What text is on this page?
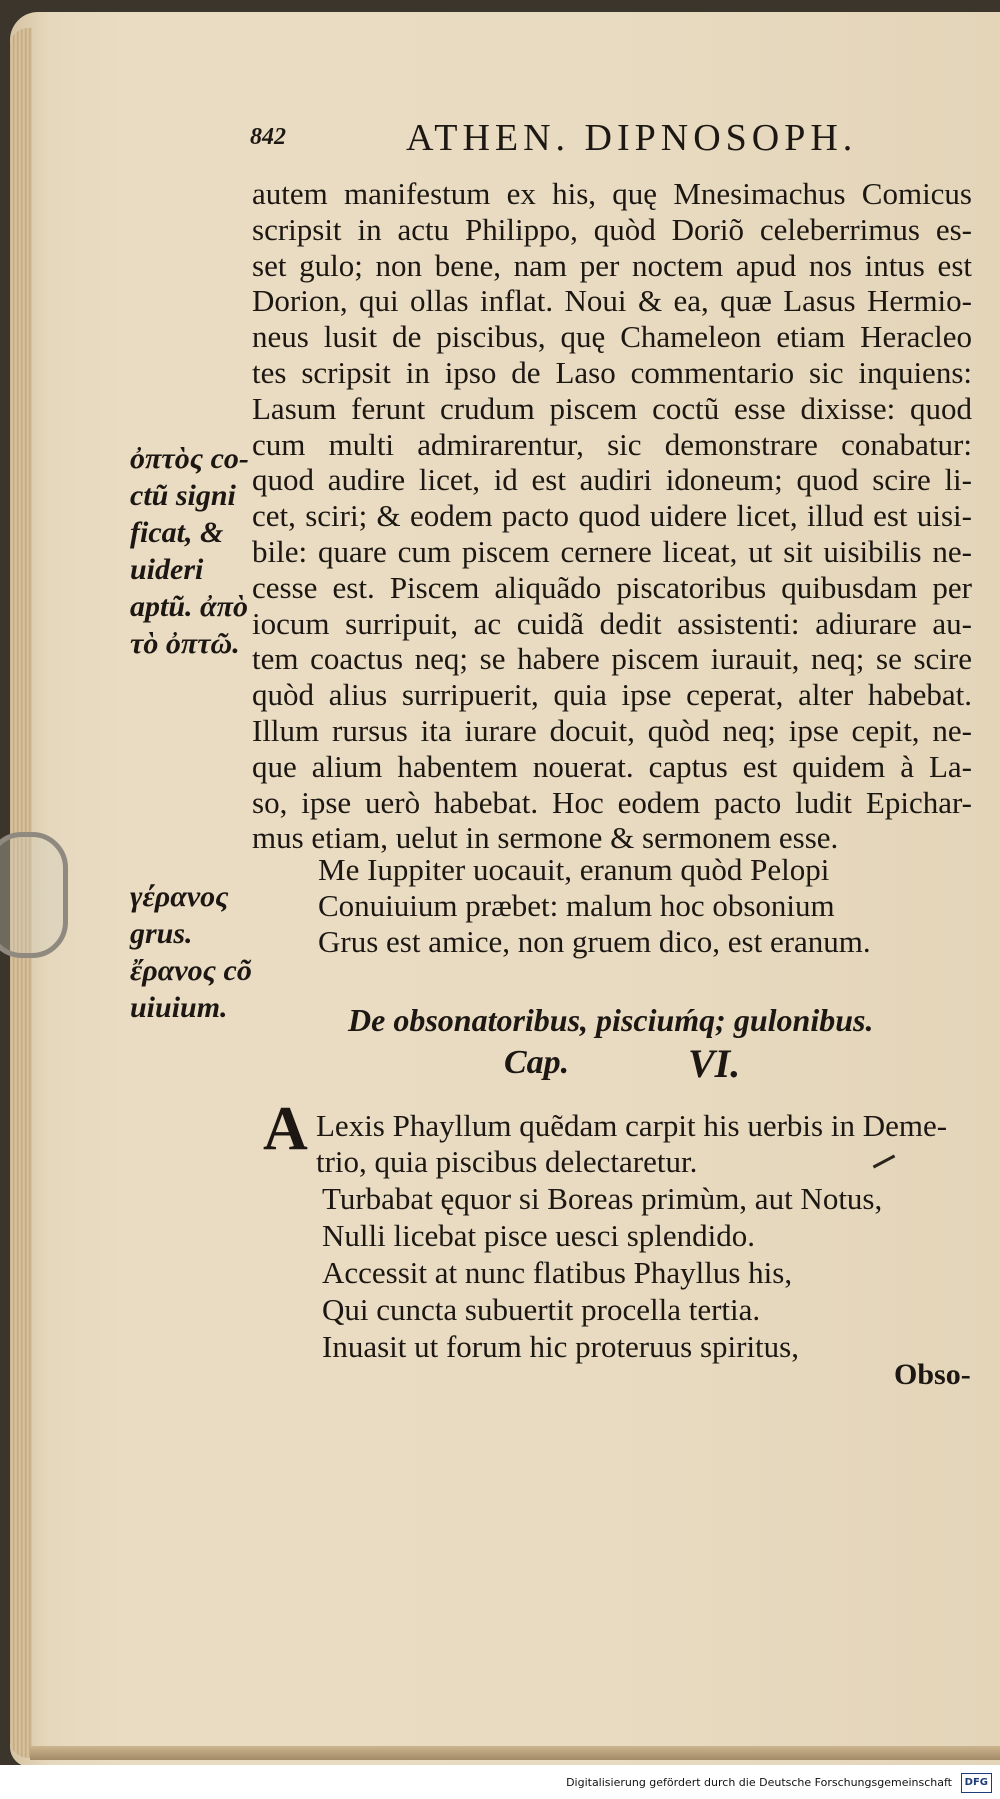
842	ATHEN. DIPNOSOPH.
autem manifestum ex his, quę Mnesimachus Comicus
scripsit in actu Philippo, quòd Doriõ celeberrimus es-
set gulo; non bene, nam per noctem apud nos intus est
Dorion, qui ollas inflat. Noui & ea, quæ Lasus Hermio-
neus lusit de piscibus, quę Chameleon etiam Heracleo
tes scripsit in ipso de Laso commentario sic inquiens:
Lasum ferunt crudum piscem coctũ esse dixisse: quod
cum multi admirarentur, sic demonstrare conabatur:
quod audire licet, id est audiri idoneum; quod scire li-
cet, sciri; & eodem pacto quod uidere licet, illud est uisi-
bile: quare cum piscem cernere liceat, ut sit uisibilis ne-
cesse est. Piscem aliquãdo piscatoribus quibusdam per
iocum surripuit, ac cuidã dedit assistenti: adiurare au-
tem coactus neq; se habere piscem iurauit, neq; se scire
quòd alius surripuerit, quia ipse ceperat, alter habebat.
Illum rursus ita iurare docuit, quòd neq; ipse cepit, ne-
que alium habentem nouerat. captus est quidem à La-
so, ipse uerò habebat. Hoc eodem pacto ludit Epichar-
mus etiam, uelut in sermone & sermonem esse.
Me Iuppiter uocauit, eranum quòd Pelopi
Conuiuium præbet: malum hoc obsonium
Grus est amice, non gruem dico, est eranum.
ὀπτὸς co-
ctũ signi
ficat, &
uideri
aptũ. ἀπὸ
τὸ ὀπτῶ.
γέρανος
grus.
ἔρανος cõ
uiuium.	De obsonatoribus, pisciuḿq; gulonibus.
Cap.	VI.
A Lexis Phayllum quẽdam carpit his uerbis in Deme-
trio, quia piscibus delectaretur.
Turbabat ęquor si Boreas primùm, aut Notus,
Nulli licebat pisce uesci splendido.
Accessit at nunc flatibus Phayllus his,
Qui cuncta subuertit procella tertia.
Inuasit ut forum hic proteruus spiritus,
Obso-
Digitalisierung gefördert durch die Deutsche Forschungsgemeinschaft	DFG
